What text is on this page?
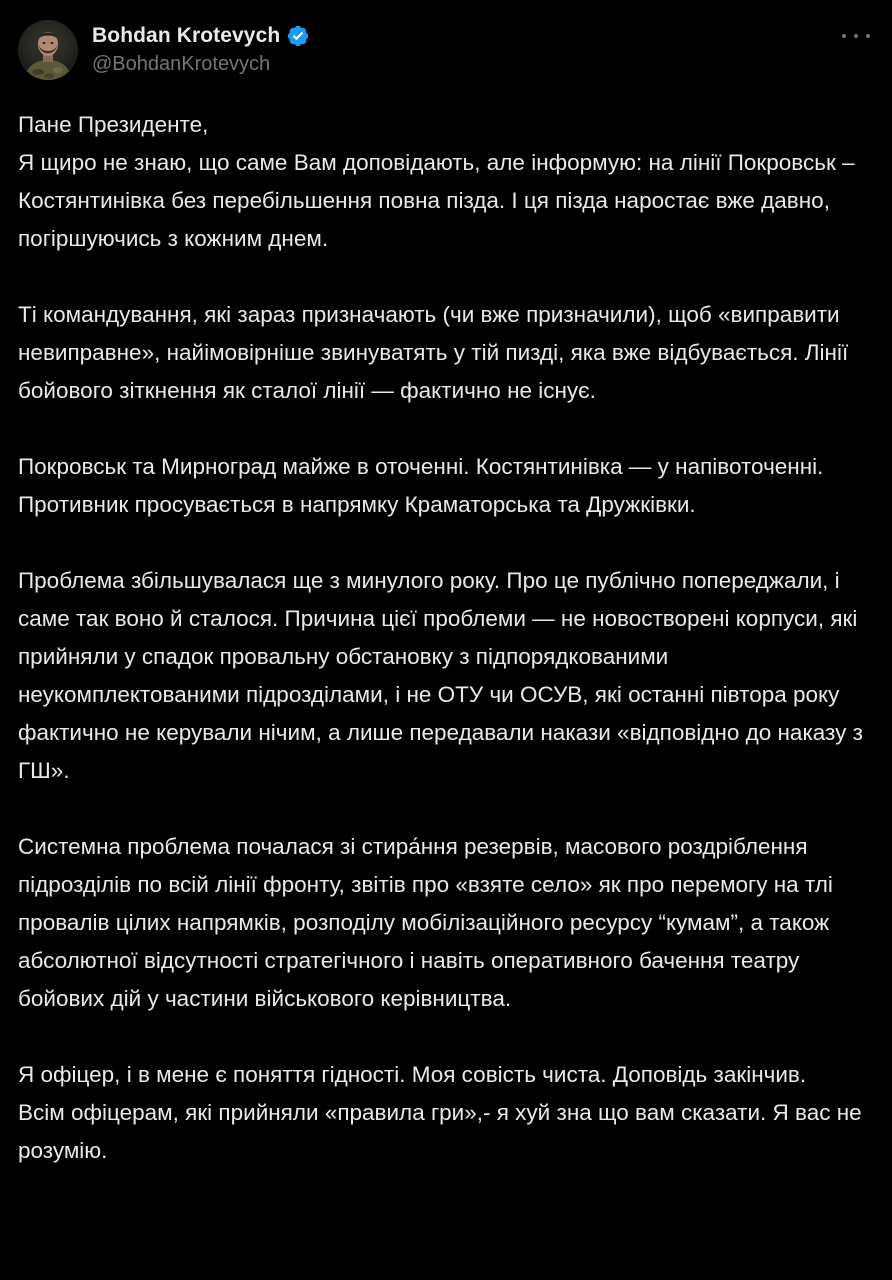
Bohdan Krotevych
@BohdanKrotevych

Пане Президенте,
Я щиро не знаю, що саме Вам доповідають, але інформую: на лінії Покровськ – Костянтинівка без перебільшення повна пізда. І ця пізда наростає вже давно, погіршуючись з кожним днем.

Ті командування, які зараз призначають (чи вже призначили), щоб «виправити невиправне», найімовірніше звинуватять у тій пизді, яка вже відбувається. Лінії бойового зіткнення як сталої лінії — фактично не існує.

Покровськ та Мирноград майже в оточенні. Костянтинівка — у напівоточенні. Противник просувається в напрямку Краматорська та Дружківки.

Проблема збільшувалася ще з минулого року. Про це публічно попереджали, і саме так воно й сталося. Причина цієї проблеми — не новостворені корпуси, які прийняли у спадок провальну обстановку з підпорядкованими неукомплектованими підрозділами, і не ОТУ чи ОСУВ, які останні півтора року фактично не керували нічим, а лише передавали накази «відповідно до наказу з ГШ».

Системна проблема почалася зі стира́ння резервів, масового роздріблення підрозділів по всій лінії фронту, звітів про «взяте село» як про перемогу на тлі провалів цілих напрямків, розподілу мобілізаційного ресурсу “кумам”, а також абсолютної відсутності стратегічного і навіть оперативного бачення театру бойових дій у частини військового керівництва.

Я офіцер, і в мене є поняття гідності. Моя совість чиста. Доповідь закінчив.
Всім офіцерам, які прийняли «правила гри»,- я хуй зна що вам сказати. Я вас не розумію.
